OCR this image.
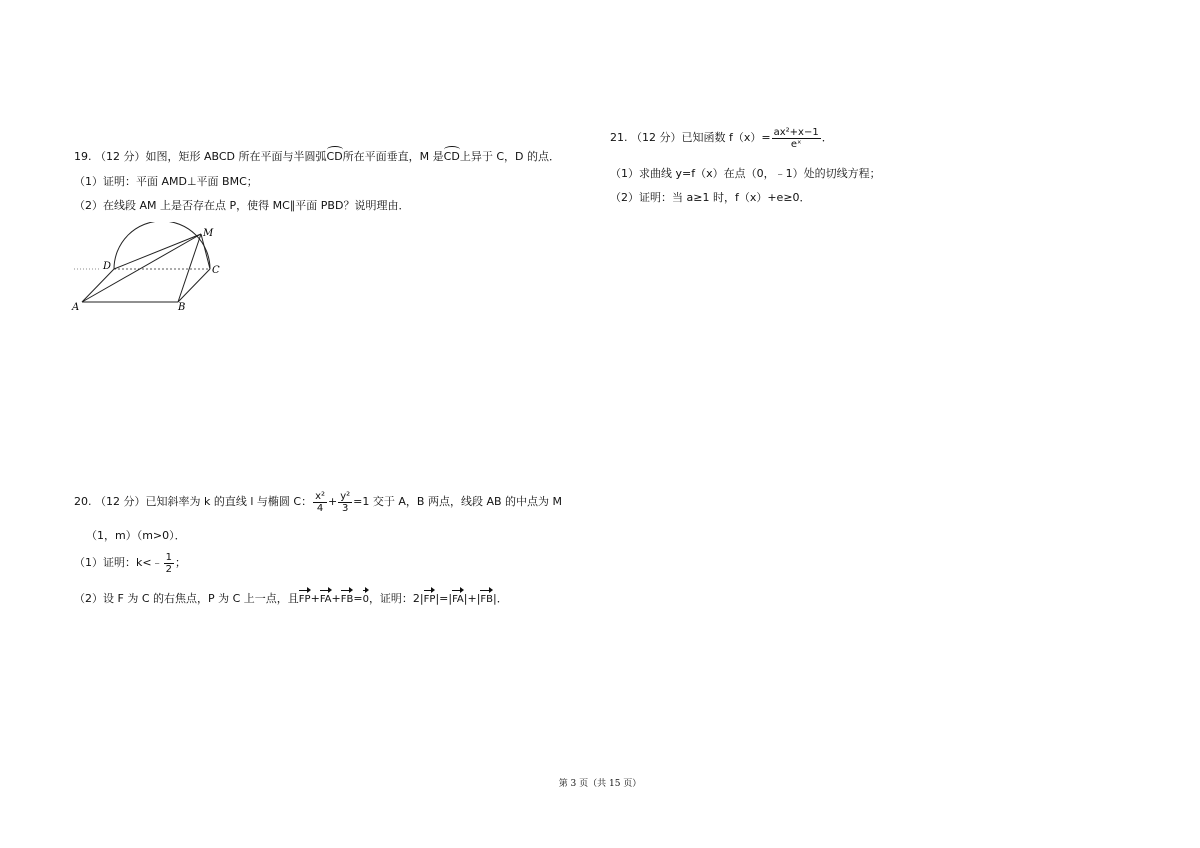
19. （12 分）如图，矩形 ABCD 所在平面与半圆弧CD所在平面垂直，M 是CD上异于 C，D 的点．
（1）证明：平面 AMD⊥平面 BMC；
（2）在线段 AM 上是否存在点 P，使得 MC∥平面 PBD？说明理由．
M
D	C
A	B
20. （12 分）已知斜率为 k 的直线 l 与椭圆 C： $\frac{\text{x²}}{4} + \frac{\text{y²}}{3} =1$ 交于 A，B 两点，线段 AB 的中点为 M
（1，m）（m>0）．
（1）证明：k<﹣ $\frac{1}{2}$ ；
（2）设 F 为 C 的右焦点，P 为 C 上一点，且FP+FA+FB=0，证明：2|FP|=|FA|+|FB|．
21. （12 分）已知函数 $f(x)= \frac{\text{ax²+x−1}}{\text{eˣ}}$ ．
（1）求曲线 y=f（x）在点（0，﹣1）处的切线方程；
（2）证明：当 a≥1 时，f（x）+e≥0．
第 3 页（共 15 页）
